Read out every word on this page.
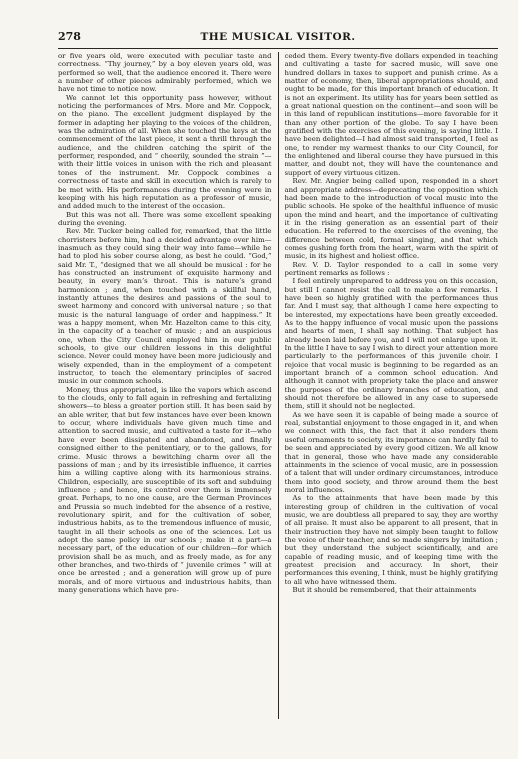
278	THE MUSICAL VISITOR.

or five years old, were executed with peculiar taste and correctness. “Thy journey,” by a boy eleven years old, was performed so well, that the audience encored it. There were a number of other pieces admirably performed, which we have not time to notice now.

We cannot let this opportunity pass however, without noticing the performances of Mrs. More and Mr. Coppock, on the piano. The excellent judgment displayed by the former in adapting her playing to the voices of the children, was the admiration of all. When she touched the keys at the commencement of the last piece, it sent a thrill through the audience, and the children catching the spirit of the performer, responded, and “ cheerily, sounded the strain ”—with their little voices in unison with the rich and pleasant tones of the instrument. Mr. Coppock combines a correctness of taste and skill in execution which is rarely to be met with. His performances during the evening were in keeping with his high reputation as a professor of music, and added much to the interest of the occasion.

But this was not all. There was some excellent speaking during the evening.

Rev. Mr. Tucker being called for, remarked, that the little chorristers before him, had a decided advantage over him—inasmuch as they could sing their way into fame—while he had to plod his sober course along, as best he could. “God,” said Mr. T., “designed that we all should be musical : for he has constructed an instrument of exquisite harmony and beauty, in every man’s throat. This is nature’s grand harmonicon ; and, when touched with a skillful hand, instantly attunes the desires and passions of the soul to sweet harmony and concord with universal nature ; so that music is the natural language of order and happiness.” It was a happy moment, when Mr. Hazelton came to this city, in the capacity of a teacher of music ; and an auspicious one, when the City Council employed him in our public schools, to give our children lessons in this delightful science. Never could money have been more judiciously and wisely expended, than in the employment of a competent instructor, to teach the elementary principles of sacred music in our common schools.

Money, thus appropriated, is like the vapors which ascend to the clouds, only to fall again in refreshing and fertalizing showers—to bless a greater portion still. It has been said by an able writer, that but few instances have ever been known to occur, where individuals have given much time and attention to sacred music, and cultivated a taste for it—who have ever been dissipated and abandoned, and finally consigned either to the penitentiary, or to the gallows, for crime. Music throws a bewitching charm over all the passions of man ; and by its irresistible influence, it carries him a willing captive along with its harmonious strains. Children, especially, are susceptible of its soft and subduing influence ; and hence, its control over them is immensely great. Perhaps, to no one cause, are the German Provinces and Prussia so much indebted for the absence of a restive, revolutionary spirit, and for the cultivation of sober, industrious habits, as to the tremendous influence of music, taught in all their schools as one of the sciences. Let us adopt the same policy in our schools ; make it a part—a necessary part, of the education of our children—for which provision shall be as much, and as freely made, as for any other branches, and two-thirds of “ juvenile crimes ” will at once be arrested ; and a generation will grow up of pure morals, and of more virtuous and industrious habits, than many generations which have pre-

ceded them. Every twenty-five dollars expended in teaching and cultivating a taste for sacred music, will save one hundred dollars in taxes to support and punish crime. As a matter of economy, then, liberal appropriations should, and ought to be made, for this important branch of education. It is not an experiment. Its utility has for years been settled as a great national question on the continent—and soon will be in this land of republican institutions—more favorable for it than any other portion of the globe. To say I have been gratified with the exercises of this evening, is saying little. I have been delighted—I had almost said transported, I feel as one, to render my warmest thanks to our City Council, for the enlightened and liberal course they have pursued in this matter, and doubt not, they will have the countenance and support of every virtuous citizen.

Rev. Mr. Angier being called upon, responded in a short and appropriate address—deprecating the opposition which had been made to the introduction of vocal music into the public schools. He spoke of the healthful influence of music upon the mind and heart, and the importance of cultivating it in the rising generation as an essential part of their education. He referred to the exercises of the evening, the difference between cold, formal singing, and that which comes gushing forth from the heart, warm with the spirit of music, in its highest and holiest office.

Rev. V. D. Taylor responded to a call in some very pertinent remarks as follows :

I feel entirely unprepared to address you on this occasion, but still I cannot resist the call to make a few remarks. I have been so highly gratified with the performances thus far. And I must say, that although I came here expecting to be interested, my expectations have been greatly exceeded. As to the happy influence of vocal music upon the passions and hearts of men, I shall say nothing. That subject has already been laid before you, and I will not enlarge upon it. In the little I have to say I wish to direct your attention more particularly to the performances of this juvenile choir. I rejoice that vocal music is beginning to be regarded as an important branch of a common school education. And although it cannot with propriety take the place and answer the purposes of the ordinary branches of education, and should not therefore be allowed in any case to supersede them, still it should not be neglected.

As we have seen it is capable of being made a source of real, substantial enjoyment to those engaged in it, and when we connect with this, the fact that it also renders them useful ornaments to society, its importance can hardly fail to be seen and appreciated by every good citizen. We all know that in general, those who have made any considerable attainments in the science of vocal music, are in possession of a talent that will under ordinary circumstances, introduce them into good society, and throw around them the best moral influences.

As to the attainments that have been made by this interesting group of children in the cultivation of vocal music, we are doubtless all prepared to say, they are worthy of all praise. It must also be apparent to all present, that in their instruction they have not simply been taught to follow the voice of their teacher, and so made singers by imitation ; but they understand the subject scientifically, and are capable of reading music, and of keeping time with the greatest precision and accuracy. In short, their performances this evening, I think, must be highly gratifying to all who have witnessed them.

But it should be remembered, that their attainments
